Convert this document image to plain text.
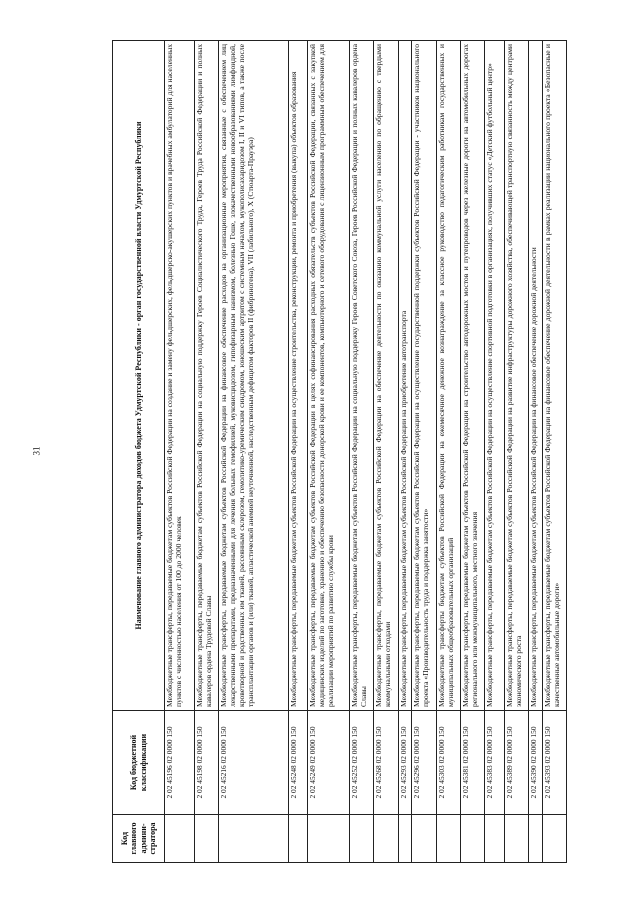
31
Код главного админи-стратора	Код бюджетной классификации	Наименование главного администратора доходов бюджета Удмуртской Республики - орган государственной власти Удмуртской Республики
	2 02 45196 02 0000 150	Межбюджетные трансферты, передаваемые бюджетам субъектов Российской Федерации на создание и замену фельдшерских, фельдшерско-акушерских пунктов и врачебных амбулаторий для населенных пунктов с численностью населения от 100 до 2000 человек
	2 02 45198 02 0000 150	Межбюджетные трансферты, передаваемые бюджетам субъектов Российской Федерации на социальную поддержку Героев Социалистического Труда, Героев Труда Российской Федерации и полных кавалеров ордена Трудовой Славы
	2 02 45216 02 0000 150	Межбюджетные трансферты, передаваемые бюджетам субъектов Российской Федерации на финансовое обеспечение расходов на организационные мероприятия, связанные с обеспечением лиц лекарственными препаратами, предназначенными для лечения больных гемофилией, муковисцидозом, гипофизарным нанизмом, болезнью Гоше, злокачественными новообразованиями лимфоидной, кроветворной и родственных им тканей, рассеянным склерозом, гемолитико-уремическим синдромом, юношеским артритом с системным началом, мукополисахаридозом I, II и VI типов, а также после трансплантации органов и (или) тканей, апластической анемией неуточненной, наследственным дефицитом факторов II (фибриногена), VII (лабильного), X (Стюарта-Прауэра)
	2 02 45248 02 0000 150	Межбюджетные трансферты, передаваемые бюджетам субъектов Российской Федерации на осуществление строительства, реконструкции, ремонта и приобретения (выкупа) объектов образования
	2 02 45249 02 0000 150	Межбюджетные трансферты, передаваемые бюджетам субъектов Российской Федерации в целях софинансирования расходных обязательств субъектов Российской Федерации, связанных с закупкой медицинских изделий по заготовке, хранению и обеспечению безопасности донорской крови и ее компонентов, компьютерного и сетевого оборудования с лицензионным программным обеспечением для реализации мероприятий по развитию службы крови
	2 02 45252 02 0000 150	Межбюджетные трансферты, передаваемые бюджетам субъектов Российской Федерации на социальную поддержку Героев Советского Союза, Героев Российской Федерации и полных кавалеров ордена Славы
	2 02 45268 02 0000 150	Межбюджетные трансферты, передаваемые бюджетам субъектов Российской Федерации на обеспечение деятельности по оказанию коммунальной услуги населению по обращению с твердыми коммунальными отходами
	2 02 45293 02 0000 150	Межбюджетные трансферты, передаваемые бюджетам субъектов Российской Федерации на приобретение автотранспорта
	2 02 45296 02 0000 150	Межбюджетные трансферты, передаваемые бюджетам субъектов Российской Федерации на осуществление государственной поддержки субъектов Российской Федерации - участников национального проекта «Производительность труда и поддержка занятости»
	2 02 45303 02 0000 150	Межбюджетные трансферты бюджетам субъектов Российской Федерации на ежемесячное денежное вознаграждение за классное руководство педагогическим работникам государственных и муниципальных общеобразовательных организаций
	2 02 45381 02 0000 150	Межбюджетные трансферты, передаваемые бюджетам субъектов Российской Федерации на строительство автодорожных мостов и путепроводов через железные дороги на автомобильных дорогах регионального или межмуниципального, местного значения
	2 02 45383 02 0000 150	Межбюджетные трансферты, передаваемые бюджетам субъектов Российской Федерации на осуществление спортивной подготовки в организациях, получивших статус «Детский футбольный центр»
	2 02 45389 02 0000 150	Межбюджетные трансферты, передаваемые бюджетам субъектов Российской Федерации на развитие инфраструктуры дорожного хозяйства, обеспечивающей транспортную связанность между центрами экономического роста
	2 02 45390 02 0000 150	Межбюджетные трансферты, передаваемые бюджетам субъектов Российской Федерации на финансовое обеспечение дорожной деятельности
	2 02 45393 02 0000 150	Межбюджетные трансферты, передаваемые бюджетам субъектов Российской Федерации на финансовое обеспечение дорожной деятельности в рамках реализации национального проекта «Безопасные и качественные автомобильные дороги»
